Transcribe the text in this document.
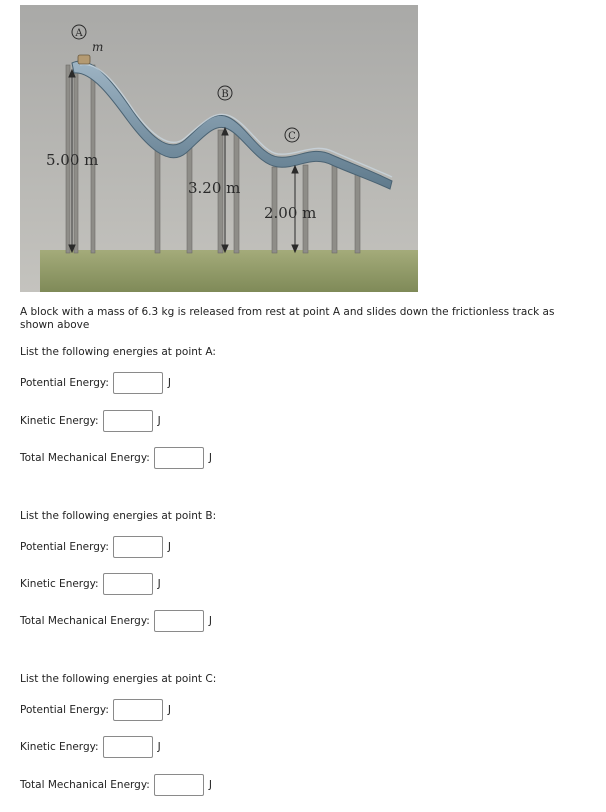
A
m
B
C
5.00 m
3.20 m
2.00 m
A block with a mass of 6.3 kg is released from rest at point A and slides down the frictionless track as shown above
List the following energies at point A:
Potential Energy:	J
Kinetic Energy:	J
Total Mechanical Energy:	J
List the following energies at point B:
Potential Energy:	J
Kinetic Energy:	J
Total Mechanical Energy:	J
List the following energies at point C:
Potential Energy:	J
Kinetic Energy:	J
Total Mechanical Energy:	J
